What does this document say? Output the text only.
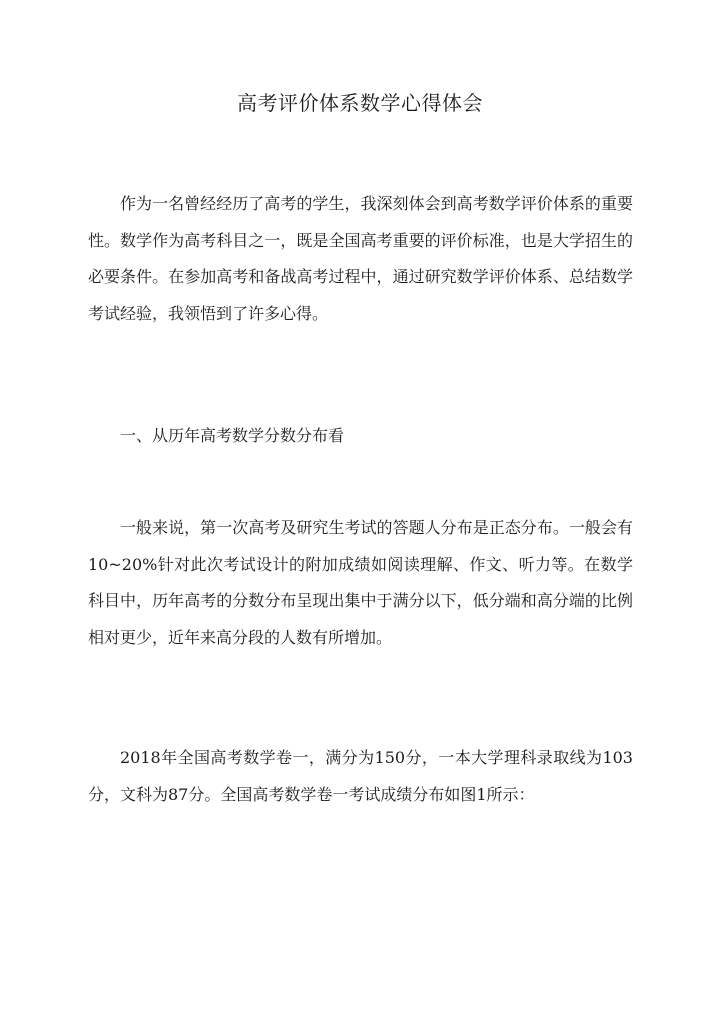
高考评价体系数学心得体会

作为一名曾经经历了高考的学生，我深刻体会到高考数学评价体系的重要性。数学作为高考科目之一，既是全国高考重要的评价标准，也是大学招生的必要条件。在参加高考和备战高考过程中，通过研究数学评价体系、总结数学考试经验，我领悟到了许多心得。

一、从历年高考数学分数分布看

一般来说，第一次高考及研究生考试的答题人分布是正态分布。一般会有10~20%针对此次考试设计的附加成绩如阅读理解、作文、听力等。在数学科目中，历年高考的分数分布呈现出集中于满分以下，低分端和高分端的比例相对更少，近年来高分段的人数有所增加。

2018年全国高考数学卷一，满分为150分，一本大学理科录取线为103分，文科为87分。全国高考数学卷一考试成绩分布如图1所示：
